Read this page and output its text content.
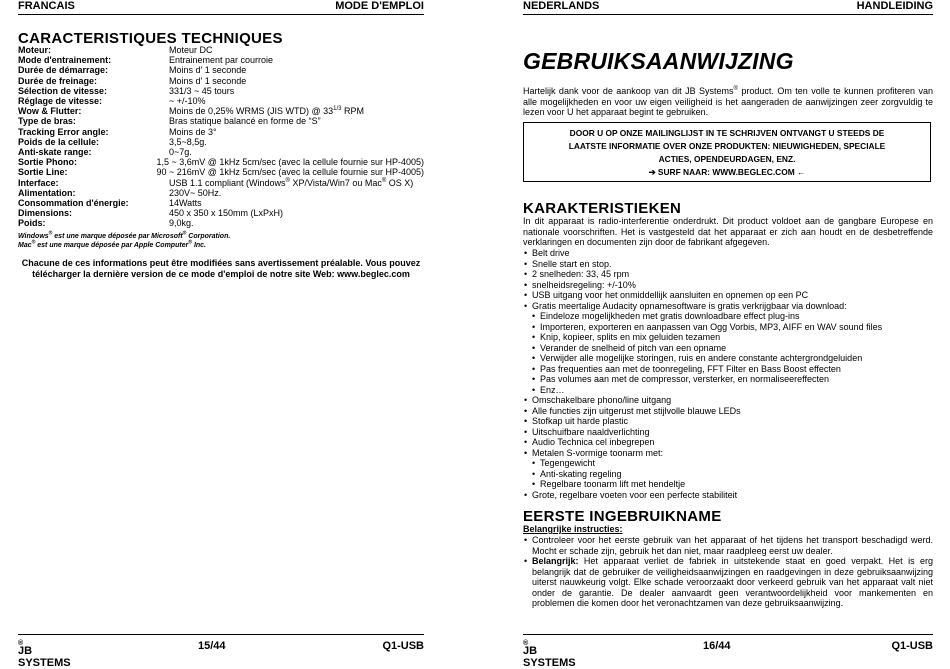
FRANCAIS	MODE D'EMPLOI
CARACTERISTIQUES TECHNIQUES
Moteur:	Moteur DC
Mode d'entrainement:	Entrainement par courroie
Durée de démarrage:	Moins d' 1 seconde
Durée de freinage:	Moins d' 1 seconde
Sélection de vitesse:	331/3 ~ 45 tours
Réglage de vitesse:	~ +/-10%
Wow & Flutter:	Moins de 0,25% WRMS (JIS WTD) @ $33^{1/3}$ RPM
Type de bras:	Bras statique balancé en forme de “S”
Tracking Error angle:	Moins de 3°
Poids de la cellule:	3,5~8,5g.
Anti-skate range:	0~7g.
Sortie Phono:	1,5 ~ 3,6mV @ 1kHz 5cm/sec (avec la cellule fournie sur HP-4005)
Sortie Line:	90 ~ 216mV @ 1kHz 5cm/sec (avec la cellule fournie sur HP-4005)
Interface:	USB 1.1 compliant (Windows® XP/Vista/Win7 ou Mac® OS X)
Alimentation:	230V~ 50Hz.
Consommation d'énergie:	14Watts
Dimensions:	450 x 350 x 150mm (LxPxH)
Poids:	9,0kg.
Windows® est une marque déposée par Microsoft® Corporation.
Mac® est une marque déposée par Apple Computer® Inc.
Chacune de ces informations peut être modifiées sans avertissement préalable. Vous pouvez
télécharger la dernière version de ce mode d'emploi de notre site Web: www.beglec.com
JB SYSTEMS
®	15/44	Q1-USB
NEDERLANDS	HANDLEIDING
GEBRUIKSAANWIJZING
Hartelijk dank voor de aankoop van dit JB Systems® product. Om ten volle te kunnen profiteren van alle mogelijkheden en voor uw eigen veiligheid is het aangeraden de aanwijzingen zeer zorgvuldig te lezen voor U het apparaat begint te gebruiken.
DOOR U OP ONZE MAILINGLIJST IN TE SCHRIJVEN ONTVANGT U STEEDS DE
LAATSTE INFORMATIE OVER ONZE PRODUKTEN: NIEUWIGHEDEN, SPECIALE
ACTIES, OPENDEURDAGEN, ENZ.
➔ SURF NAAR: WWW.BEGLEC.COM ←
KARAKTERISTIEKEN
In dit apparaat is radio-interferentie onderdrukt. Dit product voldoet aan de gangbare Europese en nationale voorschriften. Het is vastgesteld dat het apparaat er zich aan houdt en de desbetreffende verklaringen en documenten zijn door de fabrikant afgegeven.
• Belt drive
• Snelle start en stop.
• 2 snelheden: 33, 45 rpm
• snelheidsregeling: +/-10%
• USB uitgang voor het onmiddellijk aansluiten en opnemen op een PC
• Gratis meertalige Audacity opnamesoftware is gratis verkrijgbaar via download:
• Eindeloze mogelijkheden met gratis downloadbare effect plug-ins
• Importeren, exporteren en aanpassen van Ogg Vorbis, MP3, AIFF en WAV sound files
• Knip, kopieer, splits en mix geluiden tezamen
• Verander de snelheid of pitch van een opname
• Verwijder alle mogelijke storingen, ruis en andere constante achtergrondgeluiden
• Pas frequenties aan met de toonregeling, FFT Filter en Bass Boost effecten
• Pas volumes aan met de compressor, versterker, en normaliseereffecten
• Enz…
• Omschakelbare phono/line uitgang
• Alle functies zijn uitgerust met stijlvolle blauwe LEDs
• Stofkap uit harde plastic
• Uitschuifbare naaldverlichting
• Audio Technica cel inbegrepen
• Metalen S-vormige toonarm met:
• Tegengewicht
• Anti-skating regeling
• Regelbare toonarm lift met hendeltje
• Grote, regelbare voeten voor een perfecte stabiliteit
EERSTE INGEBRUIKNAME
Belangrijke instructies:
• Controleer voor het eerste gebruik van het apparaat of het tijdens het transport beschadigd werd. Mocht er schade zijn, gebruik het dan niet, maar raadpleeg eerst uw dealer.
• Belangrijk: Het apparaat verliet de fabriek in uitstekende staat en goed verpakt. Het is erg belangrijk dat de gebruiker de veiligheidsaanwijzingen en raadgevingen in deze gebruiksaanwijzing uiterst nauwkeurig volgt. Elke schade veroorzaakt door verkeerd gebruik van het apparaat valt niet onder de garantie. De dealer aanvaardt geen verantwoordelijkheid voor mankementen en problemen die komen door het veronachtzamen van deze gebruiksaanwijzing.
JB SYSTEMS
®	16/44	Q1-USB
